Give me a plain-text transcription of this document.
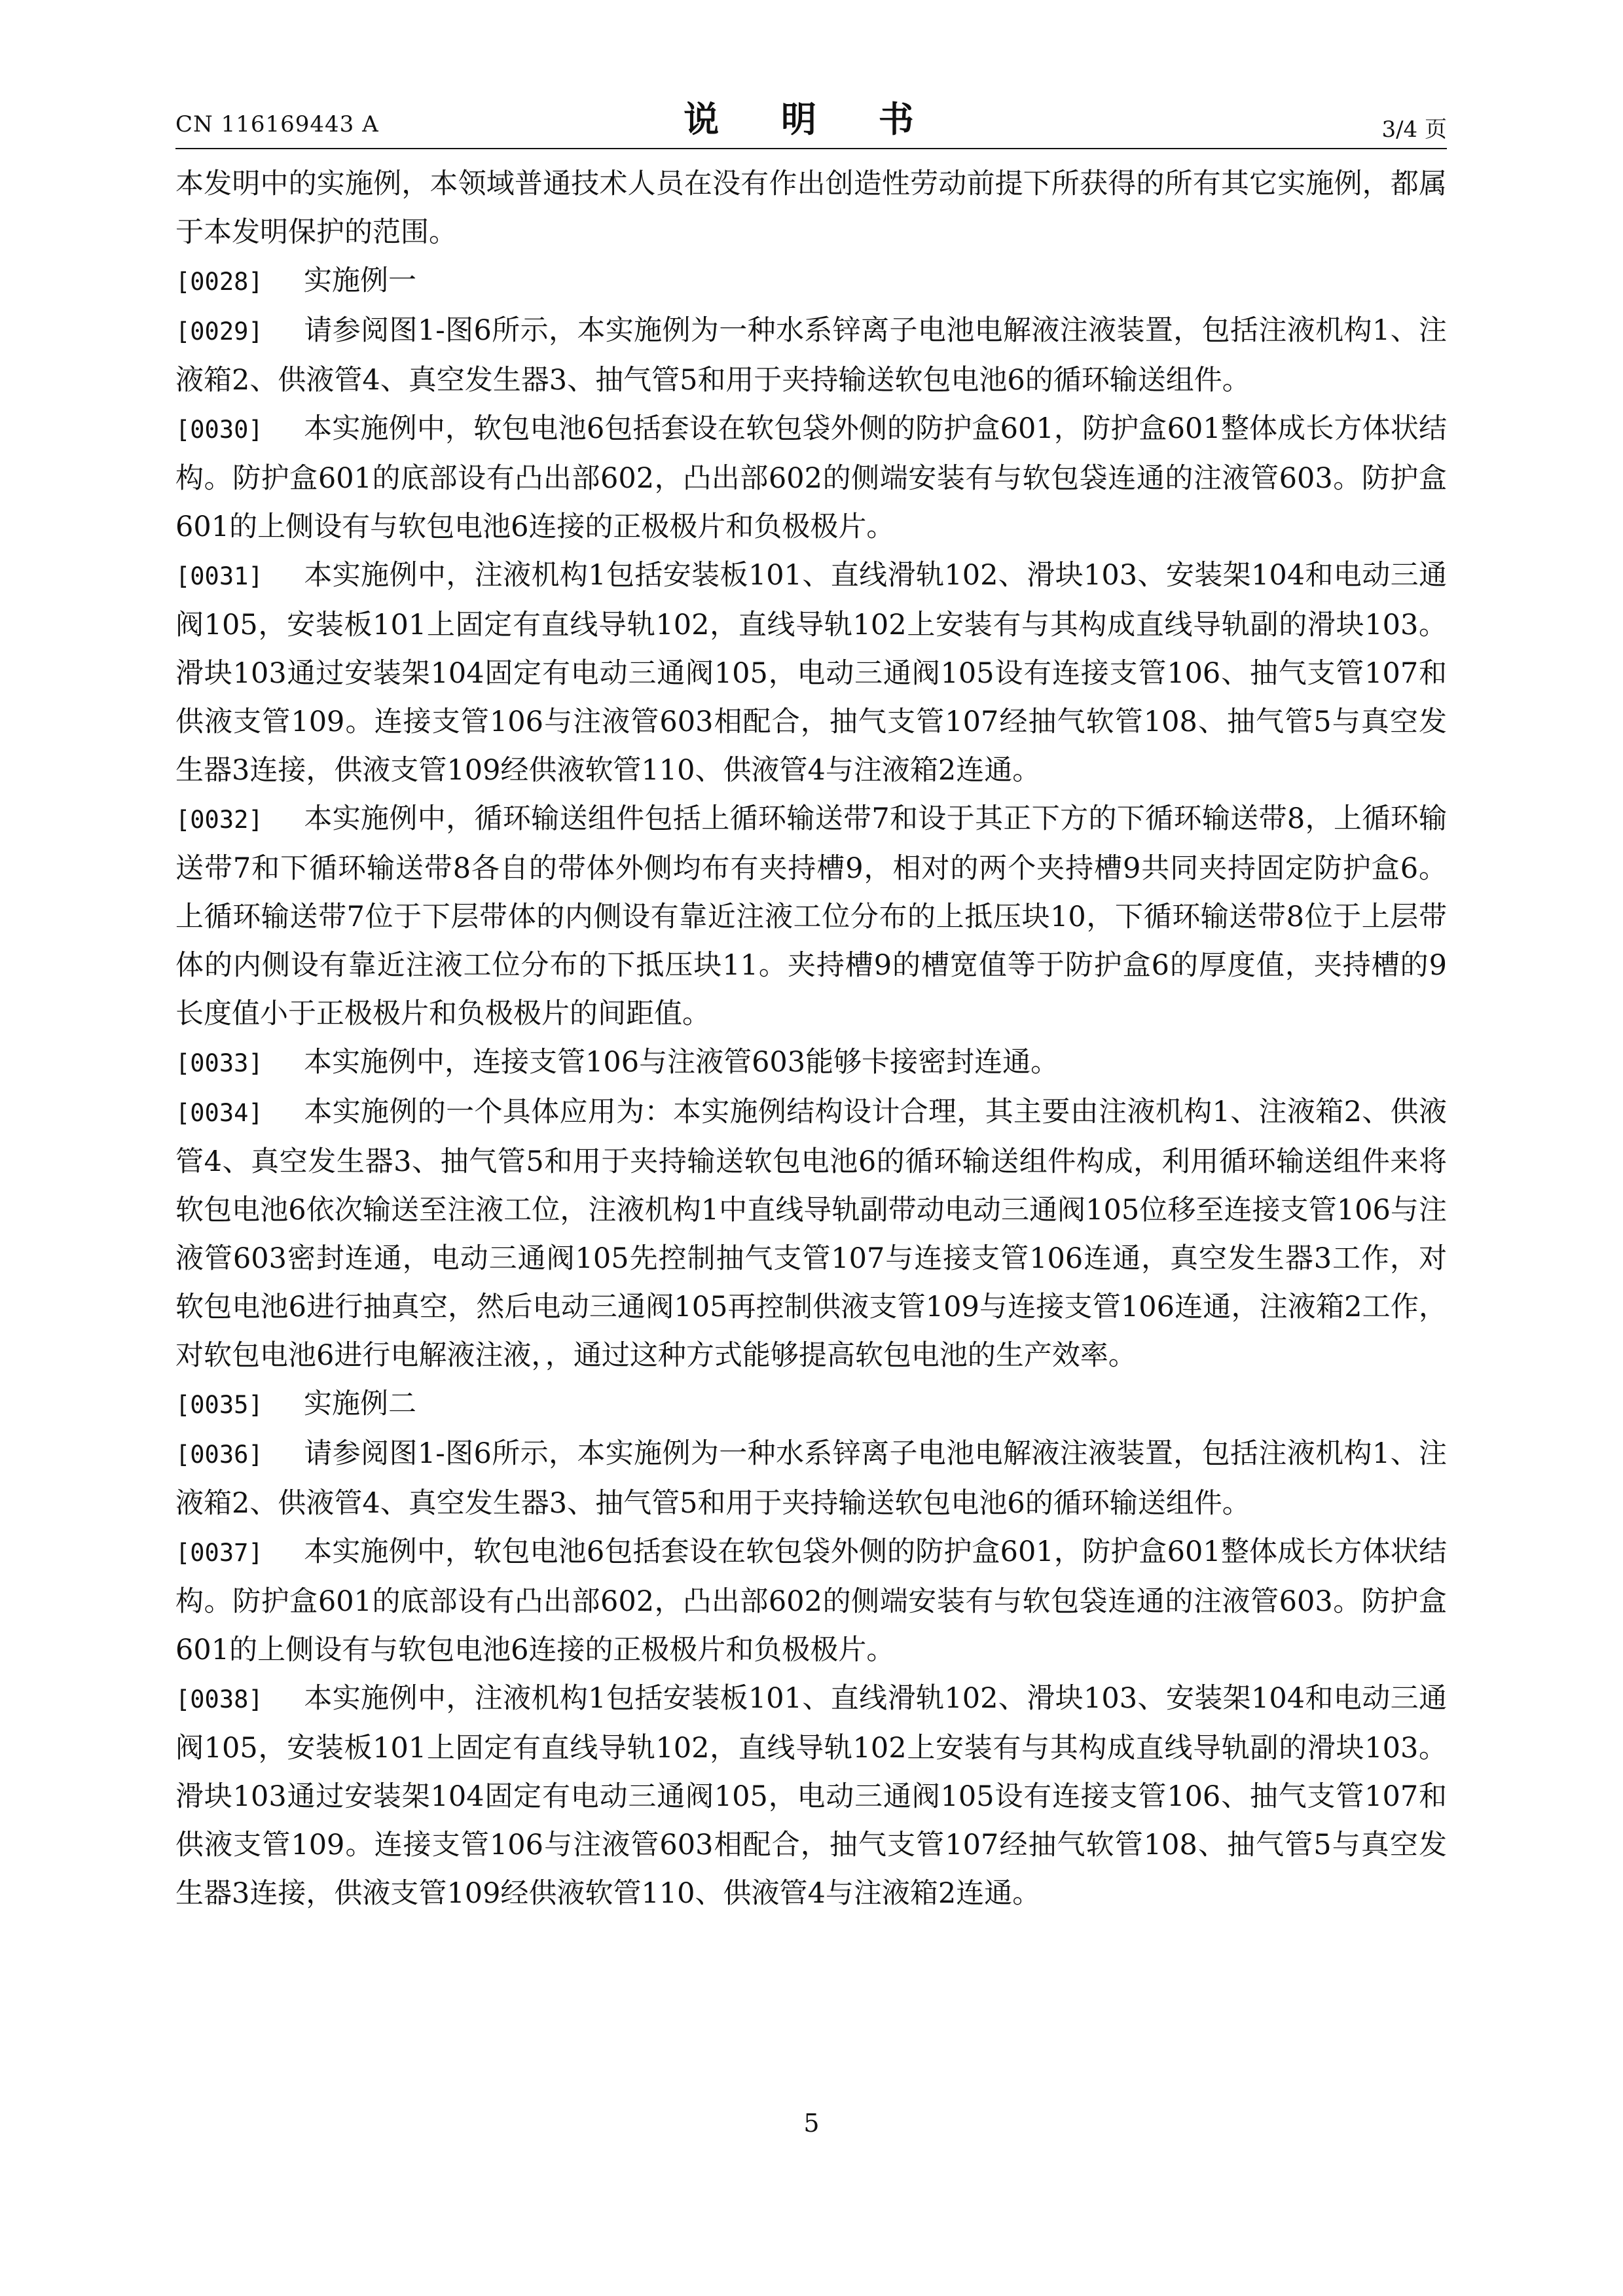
CN 116169443 A	说 明 书	3/4 页

本发明中的实施例，本领域普通技术人员在没有作出创造性劳动前提下所获得的所有其它实施例，都属于本发明保护的范围。

[0028] 实施例一

[0029] 请参阅图1-图6所示，本实施例为一种水系锌离子电池电解液注液装置，包括注液机构1、注液箱2、供液管4、真空发生器3、抽气管5和用于夹持输送软包电池6的循环输送组件。

[0030] 本实施例中，软包电池6包括套设在软包袋外侧的防护盒601，防护盒601整体成长方体状结构。防护盒601的底部设有凸出部602，凸出部602的侧端安装有与软包袋连通的注液管603。防护盒601的上侧设有与软包电池6连接的正极极片和负极极片。

[0031] 本实施例中，注液机构1包括安装板101、直线滑轨102、滑块103、安装架104和电动三通阀105，安装板101上固定有直线导轨102，直线导轨102上安装有与其构成直线导轨副的滑块103。滑块103通过安装架104固定有电动三通阀105，电动三通阀105设有连接支管106、抽气支管107和供液支管109。连接支管106与注液管603相配合，抽气支管107经抽气软管108、抽气管5与真空发生器3连接，供液支管109经供液软管110、供液管4与注液箱2连通。

[0032] 本实施例中，循环输送组件包括上循环输送带7和设于其正下方的下循环输送带8，上循环输送带7和下循环输送带8各自的带体外侧均布有夹持槽9，相对的两个夹持槽9共同夹持固定防护盒6。上循环输送带7位于下层带体的内侧设有靠近注液工位分布的上抵压块10，下循环输送带8位于上层带体的内侧设有靠近注液工位分布的下抵压块11。夹持槽9的槽宽值等于防护盒6的厚度值，夹持槽的9长度值小于正极极片和负极极片的间距值。

[0033] 本实施例中，连接支管106与注液管603能够卡接密封连通。

[0034] 本实施例的一个具体应用为：本实施例结构设计合理，其主要由注液机构1、注液箱2、供液管4、真空发生器3、抽气管5和用于夹持输送软包电池6的循环输送组件构成，利用循环输送组件来将软包电池6依次输送至注液工位，注液机构1中直线导轨副带动电动三通阀105位移至连接支管106与注液管603密封连通，电动三通阀105先控制抽气支管107与连接支管106连通，真空发生器3工作，对软包电池6进行抽真空，然后电动三通阀105再控制供液支管109与连接支管106连通，注液箱2工作，对软包电池6进行电解液注液，，通过这种方式能够提高软包电池的生产效率。

[0035] 实施例二

[0036] 请参阅图1-图6所示，本实施例为一种水系锌离子电池电解液注液装置，包括注液机构1、注液箱2、供液管4、真空发生器3、抽气管5和用于夹持输送软包电池6的循环输送组件。

[0037] 本实施例中，软包电池6包括套设在软包袋外侧的防护盒601，防护盒601整体成长方体状结构。防护盒601的底部设有凸出部602，凸出部602的侧端安装有与软包袋连通的注液管603。防护盒601的上侧设有与软包电池6连接的正极极片和负极极片。

[0038] 本实施例中，注液机构1包括安装板101、直线滑轨102、滑块103、安装架104和电动三通阀105，安装板101上固定有直线导轨102，直线导轨102上安装有与其构成直线导轨副的滑块103。滑块103通过安装架104固定有电动三通阀105，电动三通阀105设有连接支管106、抽气支管107和供液支管109。连接支管106与注液管603相配合，抽气支管107经抽气软管108、抽气管5与真空发生器3连接，供液支管109经供液软管110、供液管4与注液箱2连通。

5
